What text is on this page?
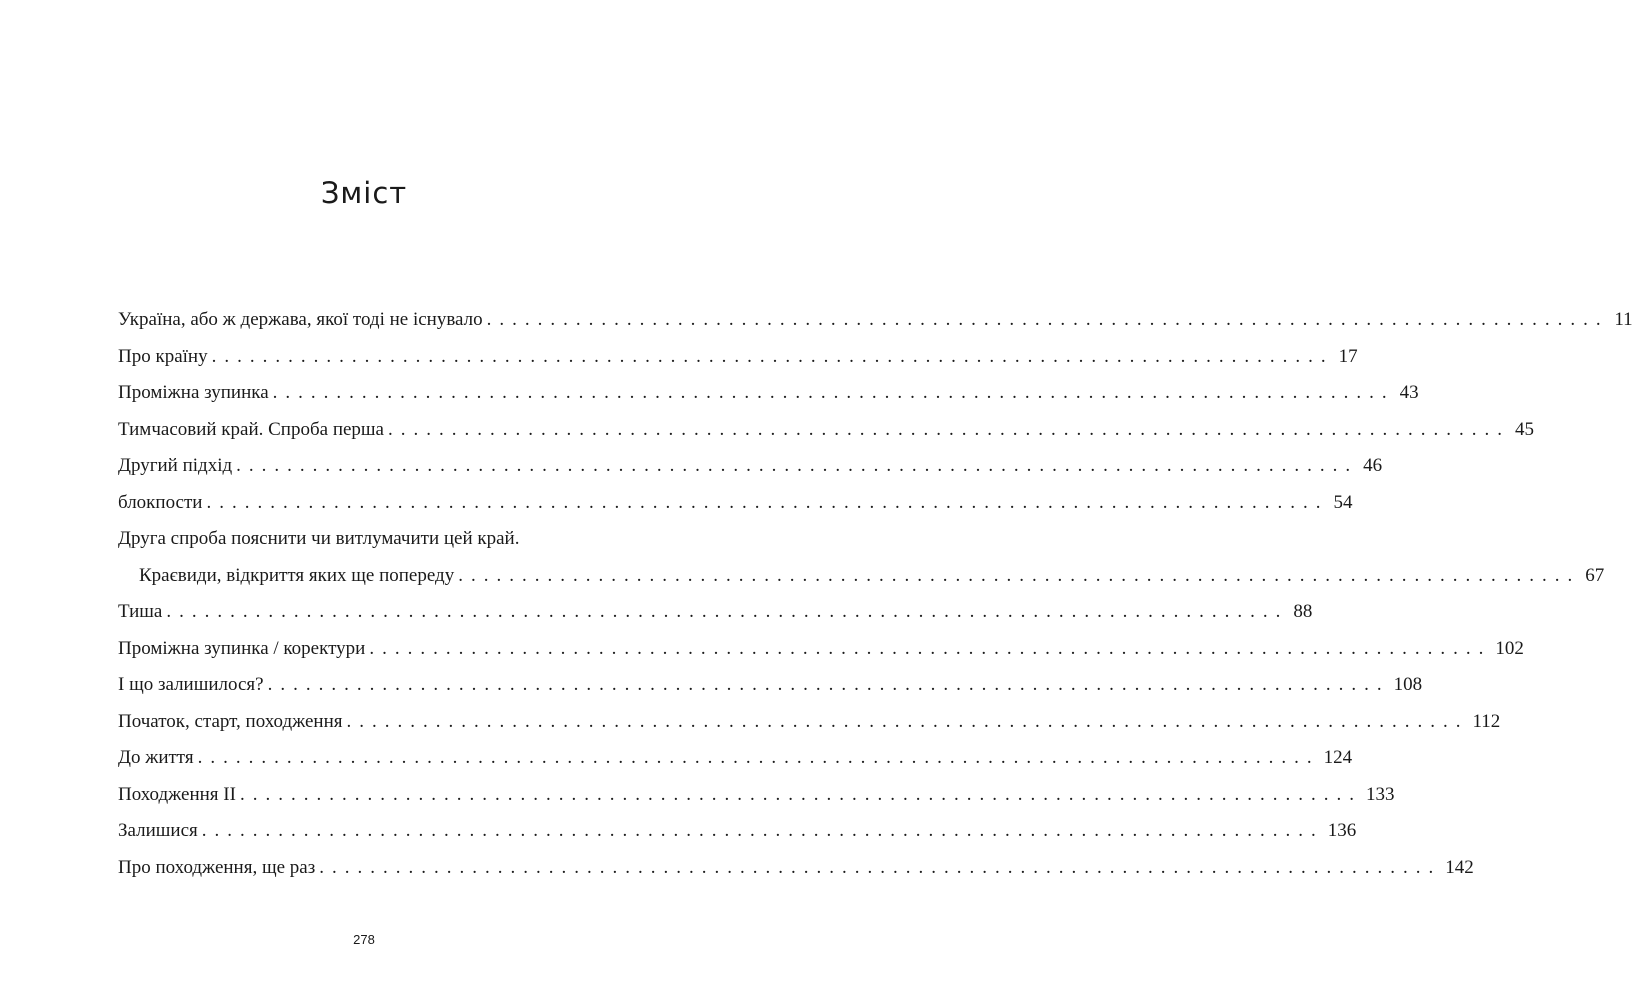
Зміст
Україна, або ж держава, якої тоді не існувало ........................................................................................ 11
Про країну ........................................................................................ 17
Проміжна зупинка ........................................................................................ 43
Тимчасовий край. Спроба перша ........................................................................................ 45
Другий підхід ........................................................................................ 46
блокпости ........................................................................................ 54
Друга спроба пояснити чи витлумачити цей край.
Краєвиди, відкриття яких ще попереду ........................................................................................ 67
Тиша ........................................................................................ 88
Проміжна зупинка / коректури ........................................................................................ 102
І що залишилося? ........................................................................................ 108
Початок, старт, походження ........................................................................................ 112
До життя ........................................................................................ 124
Походження ІІ ........................................................................................ 133
Залишися ........................................................................................ 136
Про походження, ще раз ........................................................................................ 142
278
